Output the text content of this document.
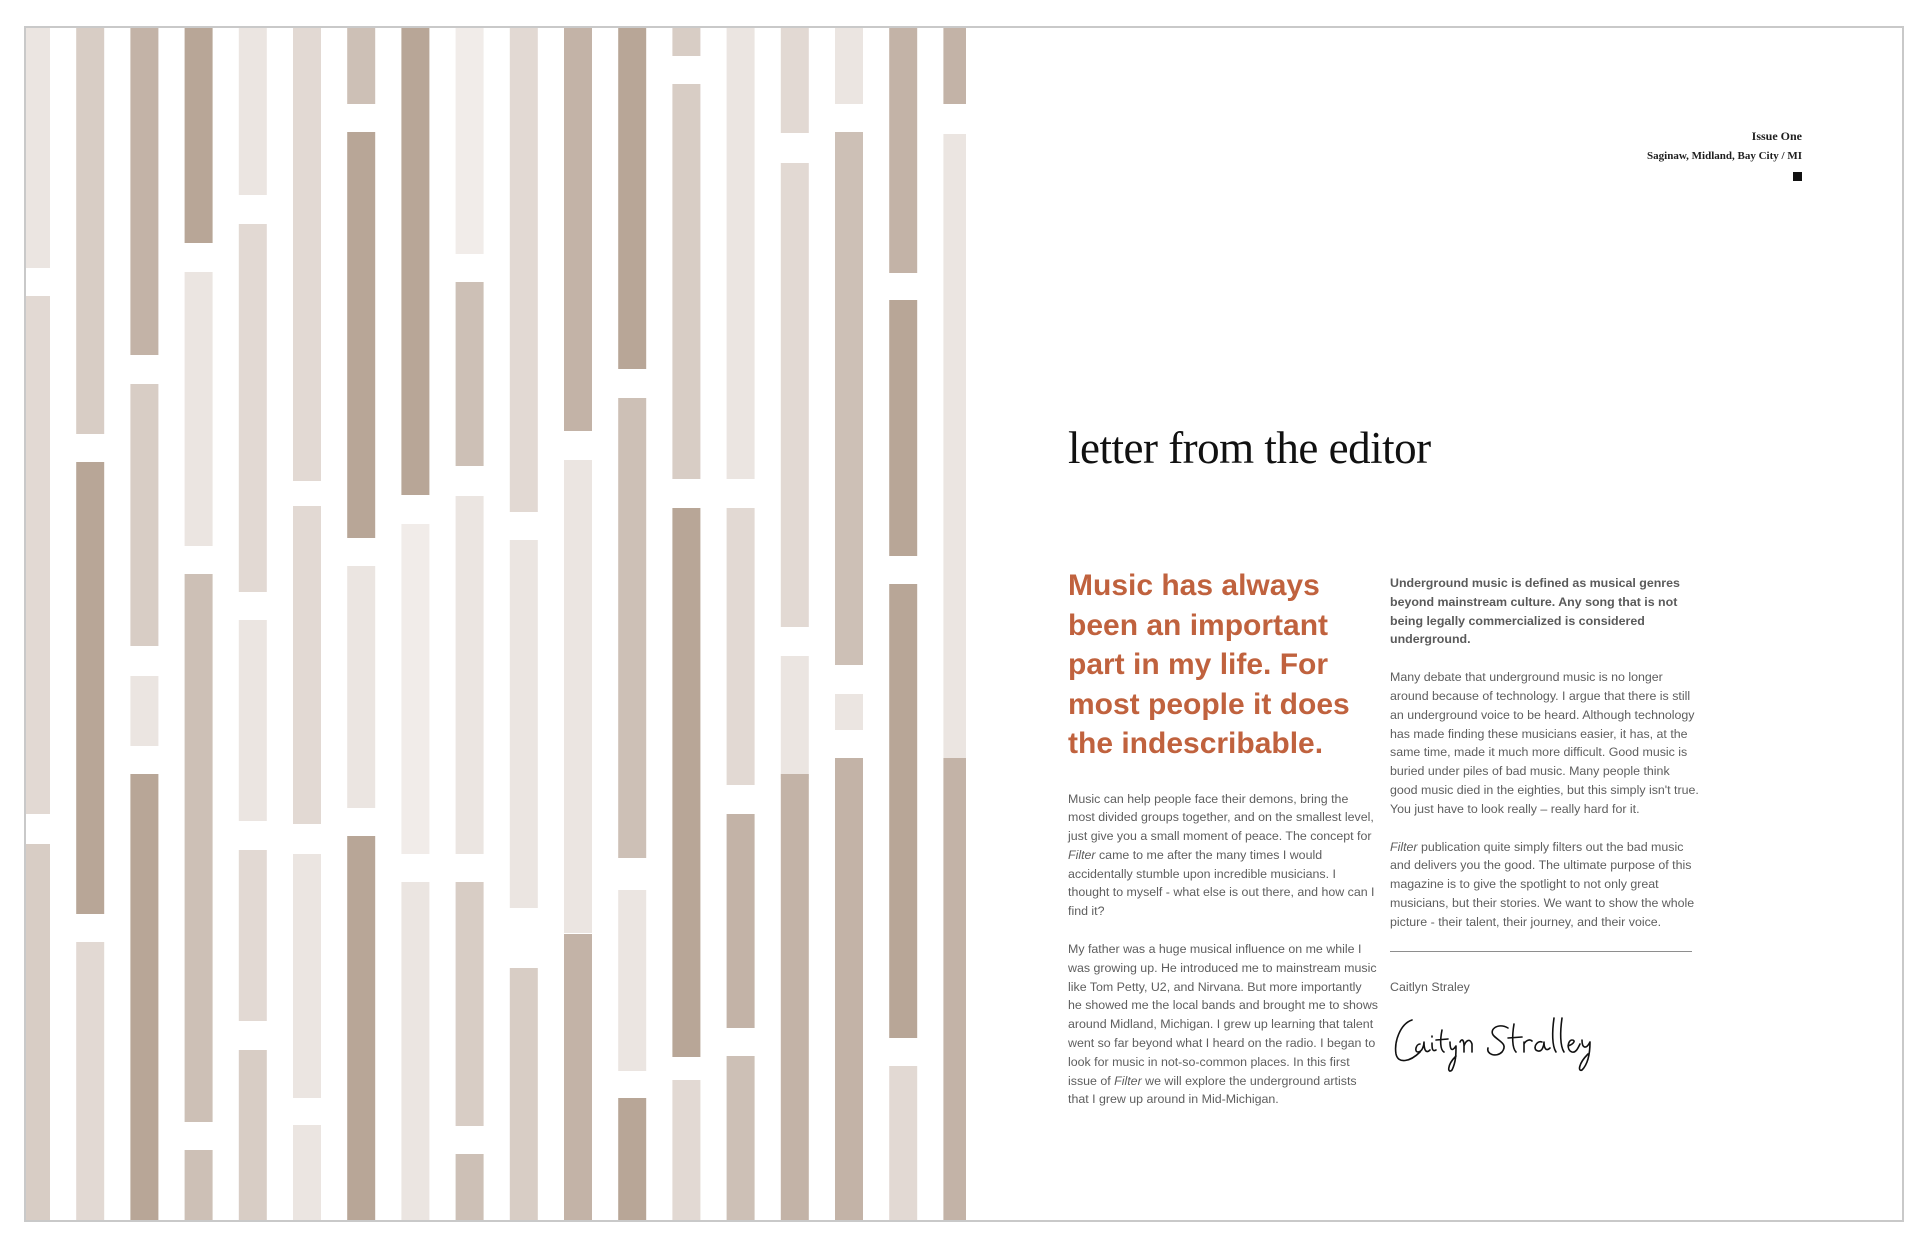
Issue One
Saginaw, Midland, Bay City / MI
letter from the editor

Music has always been an important part in my life. For most people it does the indescribable.

Music can help people face their demons, bring the most divided groups together, and on the smallest level, just give you a small moment of peace. The concept for Filter came to me after the many times I would accidentally stumble upon incredible musicians. I thought to myself - what else is out there, and how can I find it?

My father was a huge musical influence on me while I was growing up. He introduced me to mainstream music like Tom Petty, U2, and Nirvana. But more importantly he showed me the local bands and brought me to shows around Midland, Michigan. I grew up learning that talent went so far beyond what I heard on the radio. I began to look for music in not-so-common places. In this first issue of Filter we will explore the underground artists that I grew up around in Mid-Michigan.

Underground music is defined as musical genres beyond mainstream culture. Any song that is not being legally commercialized is considered underground.

Many debate that underground music is no longer around because of technology. I argue that there is still an underground voice to be heard. Although technology has made finding these musicians easier, it has, at the same time, made it much more difficult. Good music is buried under piles of bad music. Many people think good music died in the eighties, but this simply isn't true. You just have to look really – really hard for it.

Filter publication quite simply filters out the bad music and delivers you the good. The ultimate purpose of this magazine is to give the spotlight to not only great musicians, but their stories. We want to show the whole picture - their talent, their journey, and their voice.

Caitlyn Straley
